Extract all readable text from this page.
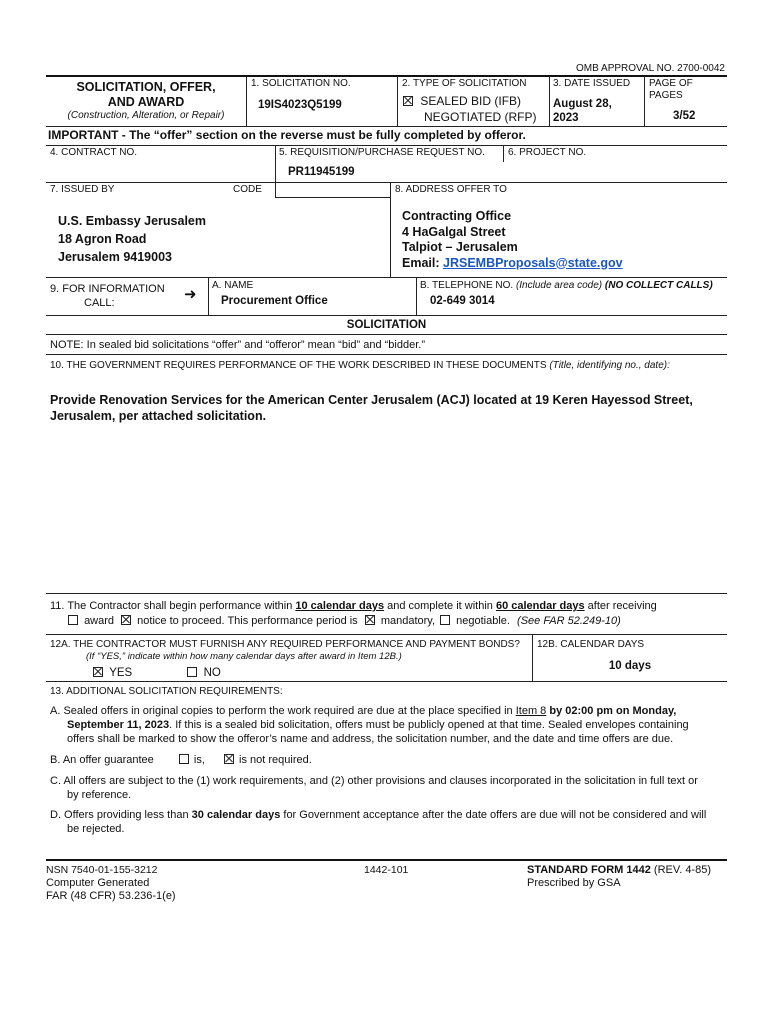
OMB APPROVAL NO. 2700-0042
SOLICITATION, OFFER,
AND AWARD
(Construction, Alteration, or Repair)
1. SOLICITATION NO.
19IS4023Q5199
2. TYPE OF SOLICITATION
SEALED BID (IFB)
NEGOTIATED (RFP)
3. DATE ISSUED
August 28,
2023
PAGE OF
PAGES
3/52
IMPORTANT - The “offer” section on the reverse must be fully completed by offeror.
4. CONTRACT NO.	5. REQUISITION/PURCHASE REQUEST NO.
PR11945199
6. PROJECT NO.
7. ISSUED BY	CODE	8. ADDRESS OFFER TO
U.S. Embassy Jerusalem
18 Agron Road
Jerusalem 9419003
Contracting Office
4 HaGalgal Street
Talpiot – Jerusalem
Email: JRSEMBProposals@state.gov
9. FOR INFORMATION
CALL:	➜
A. NAME
Procurement Office
B. TELEPHONE NO. (Include area code) (NO COLLECT CALLS)
02-649 3014
SOLICITATION
NOTE: In sealed bid solicitations “offer” and “offeror” mean “bid” and “bidder.”
10. THE GOVERNMENT REQUIRES PERFORMANCE OF THE WORK DESCRIBED IN THESE DOCUMENTS (Title, identifying no., date):
Provide Renovation Services for the American Center Jerusalem (ACJ) located at 19 Keren Hayessod Street,
Jerusalem, per attached solicitation.
11. The Contractor shall begin performance within 10 calendar days and complete it within 60 calendar days after receiving
award notice to proceed. This performance period is mandatory, negotiable. (See FAR 52.249-10)
12A. THE CONTRACTOR MUST FURNISH ANY REQUIRED PERFORMANCE AND PAYMENT BONDS?
(If “YES,” indicate within how many calendar days after award in Item 12B.)
YES	NO
12B. CALENDAR DAYS
10 days
13. ADDITIONAL SOLICITATION REQUIREMENTS:
A. Sealed offers in original copies to perform the work required are due at the place specified in Item 8 by 02:00 pm on Monday,
September 11, 2023. If this is a sealed bid solicitation, offers must be publicly opened at that time. Sealed envelopes containing
offers shall be marked to show the offeror’s name and address, the solicitation number, and the date and time offers are due.
B. An offer guarantee	is,	is not required.
C. All offers are subject to the (1) work requirements, and (2) other provisions and clauses incorporated in the solicitation in full text or
by reference.
D. Offers providing less than 30 calendar days for Government acceptance after the date offers are due will not be considered and will
be rejected.
NSN 7540-01-155-3212
Computer Generated
FAR (48 CFR) 53.236-1(e)
1442-101	STANDARD FORM 1442 (REV. 4-85)
Prescribed by GSA
